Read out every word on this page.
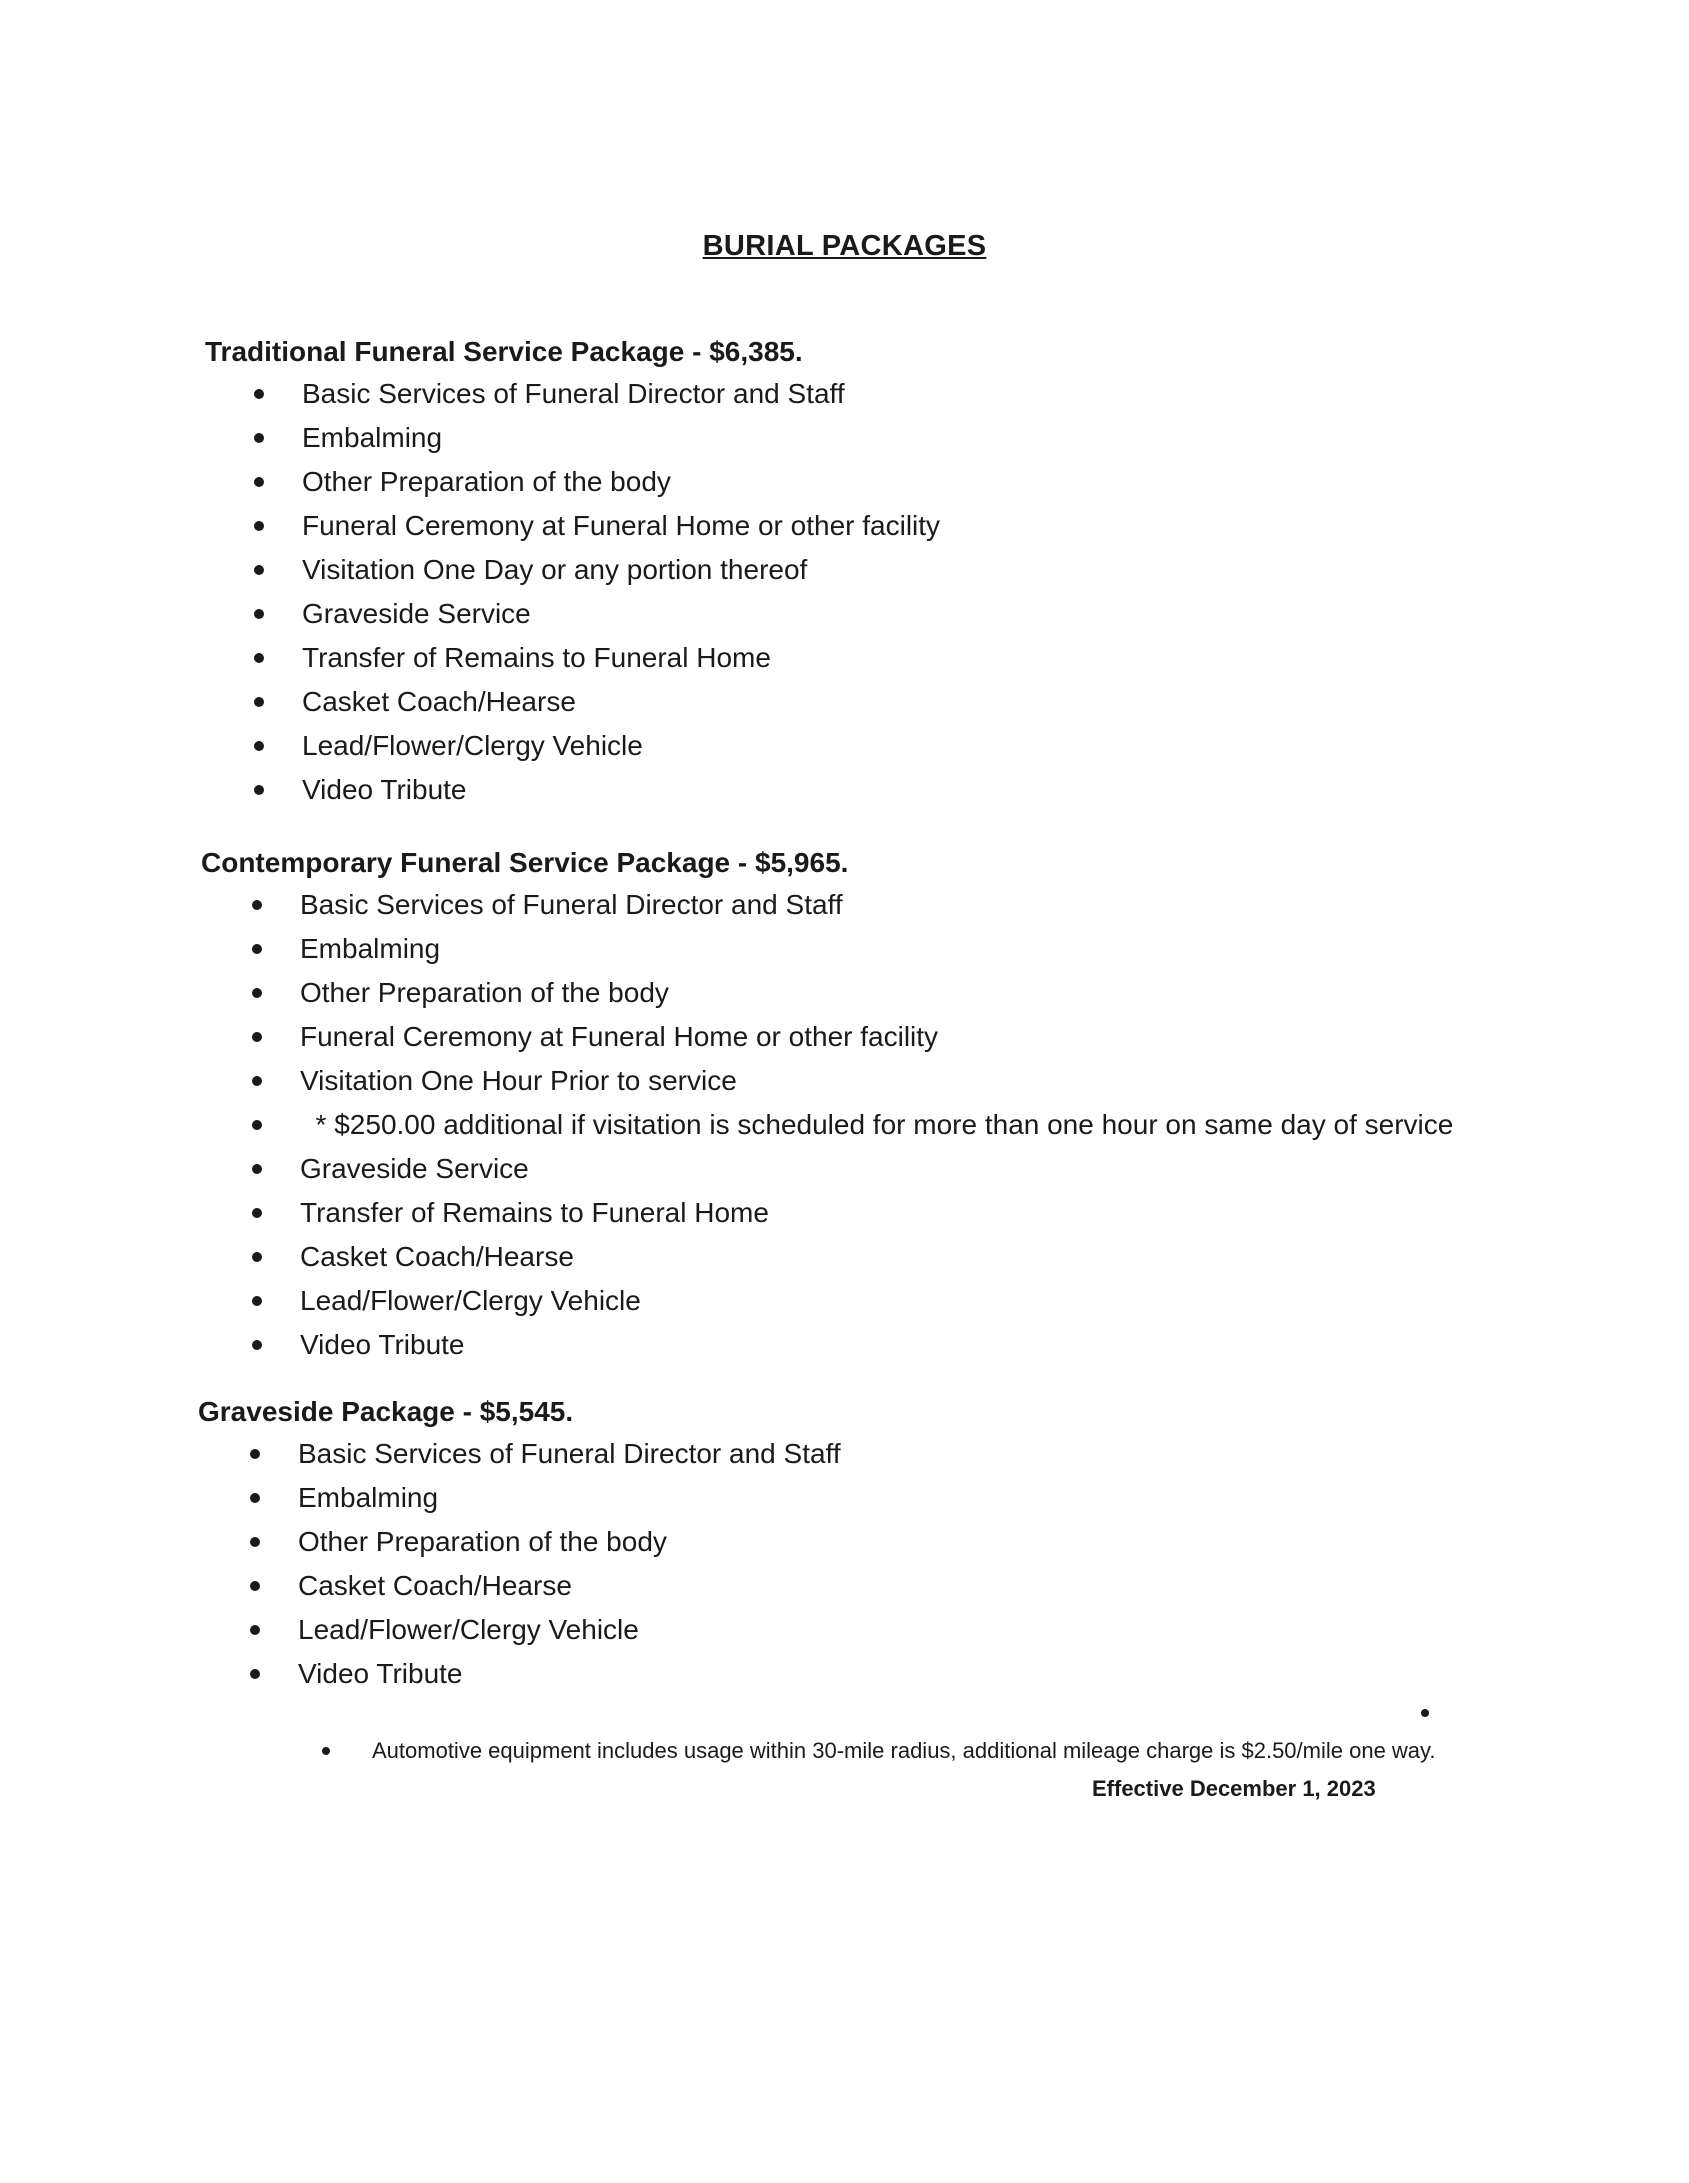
BURIAL PACKAGES
Traditional Funeral Service Package - $6,385.
Basic Services of Funeral Director and Staff
Embalming
Other Preparation of the body
Funeral Ceremony at Funeral Home or other facility
Visitation One Day or any portion thereof
Graveside Service
Transfer of Remains to Funeral Home
Casket Coach/Hearse
Lead/Flower/Clergy Vehicle
Video Tribute
Contemporary Funeral Service Package - $5,965.
Basic Services of Funeral Director and Staff
Embalming
Other Preparation of the body
Funeral Ceremony at Funeral Home or other facility
Visitation One Hour Prior to service
* $250.00 additional if visitation is scheduled for more than one hour on same day of service
Graveside Service
Transfer of Remains to Funeral Home
Casket Coach/Hearse
Lead/Flower/Clergy Vehicle
Video Tribute
Graveside Package - $5,545.
Basic Services of Funeral Director and Staff
Embalming
Other Preparation of the body
Casket Coach/Hearse
Lead/Flower/Clergy Vehicle
Video Tribute
Automotive equipment includes usage within 30-mile radius, additional mileage charge is $2.50/mile one way.
Effective December 1, 2023
